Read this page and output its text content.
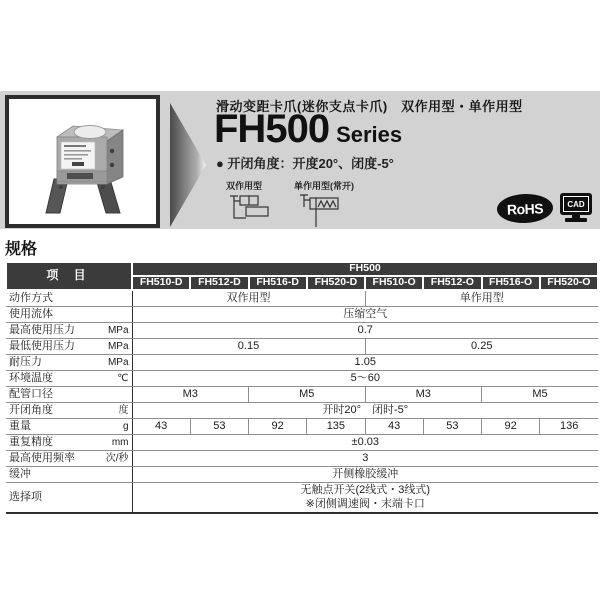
滑动变距卡爪(迷你支点卡爪)　双作用型・单作用型
FH500 Series
● 开闭角度：开度20°、闭度-5°
双作用型	单作用型(常开)
RoHS	CAD
规格
项 目	FH500							
	FH510-D	FH512-D	FH516-D	FH520-D	FH510-O	FH512-O	FH516-O	FH520-O

动作方式	双作用型				单作用型			

使用流体	压缩空气							

最高使用压力 MPa	0.7							

最低使用压力 MPa	0.15				0.25			

耐压力 MPa	1.05							

环境温度 ℃	5～60							

配管口径	M3		M5		M3		M5	

开闭角度 度	开时20°　闭时-5°							

重量 g	43	53	92	135	43	53	92	136

重复精度 mm	±0.03							

最高使用频率 次/秒	3							

缓冲	开侧橡胶缓冲							

选择项	无触点开关(2线式・3线式)
※闭侧调速阀・末端卡口							
